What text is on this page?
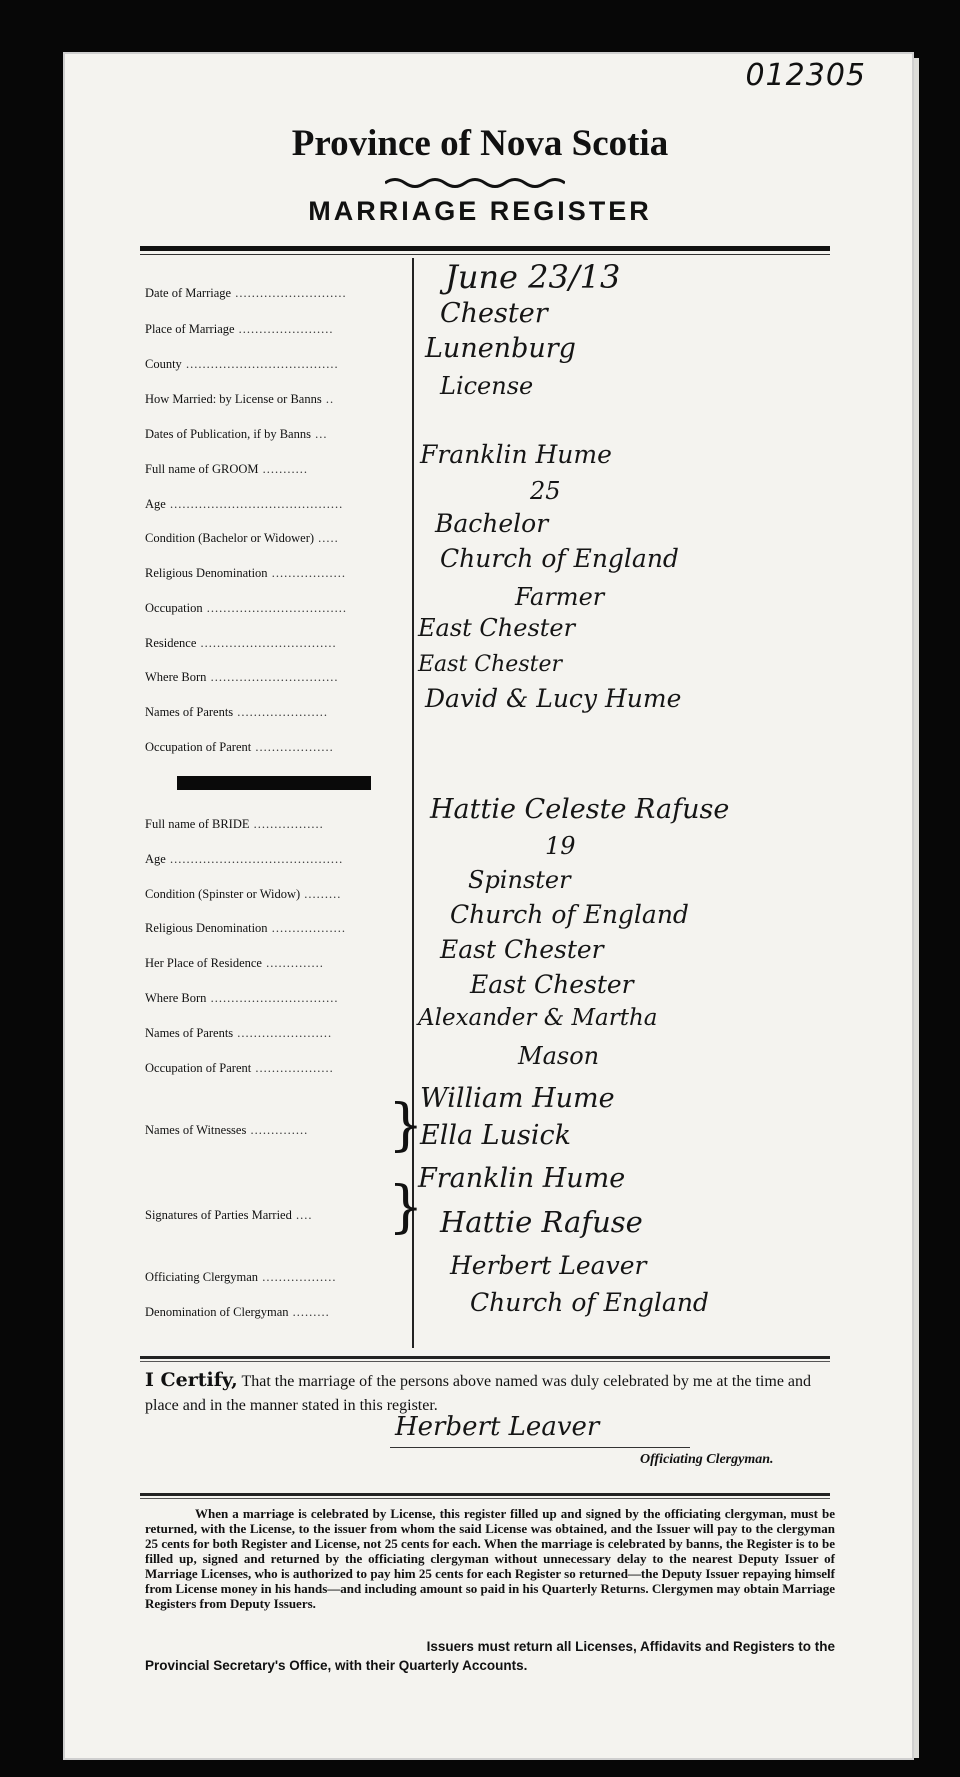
012305
Province of Nova Scotia
MARRIAGE REGISTER
Date of Marriage ...........................
Place of Marriage .......................
County .....................................
How Married: by License or Banns ..
Dates of Publication, if by Banns ...
Full name of GROOM ...........
Age ..........................................
Condition (Bachelor or Widower) .....
Religious Denomination ..................
Occupation ..................................
Residence .................................
Where Born ...............................
Names of Parents ......................
Occupation of Parent ...................
Full name of BRIDE .................
Age ..........................................
Condition (Spinster or Widow) .........
Religious Denomination ..................
Her Place of Residence ..............
Where Born ...............................
Names of Parents .......................
Occupation of Parent ...................
Names of Witnesses ..............
Signatures of Parties Married ....
Officiating Clergyman ..................
Denomination of Clergyman .........
}
}
June 23/13
Chester
Lunenburg
License
Franklin Hume
25
Bachelor
Church of England
Farmer
East Chester
East Chester
David & Lucy Hume
Hattie Celeste Rafuse
19
Spinster
Church of England
East Chester
East Chester
Alexander & Martha
Mason
William Hume
Ella Lusick
Franklin Hume
Hattie Rafuse
Herbert Leaver
Church of England
I Certify, That the marriage of the persons above named was duly celebrated by me at the time and place and in the manner stated in this register.
Herbert Leaver
Officiating Clergyman.
When a marriage is celebrated by License, this register filled up and signed by the officiating clergyman, must be returned, with the License, to the issuer from whom the said License was obtained, and the Issuer will pay to the clergyman 25 cents for both Register and License, not 25 cents for each. When the marriage is celebrated by banns, the Register is to be filled up, signed and returned by the officiating clergyman without unnecessary delay to the nearest Deputy Issuer of Marriage Licenses, who is authorized to pay him 25 cents for each Register so returned—the Deputy Issuer repaying himself from License money in his hands—and including amount so paid in his Quarterly Returns. Clergymen may obtain Marriage Registers from Deputy Issuers.
Issuers must return all Licenses, Affidavits and Registers to the
Provincial Secretary's Office, with their Quarterly Accounts.
